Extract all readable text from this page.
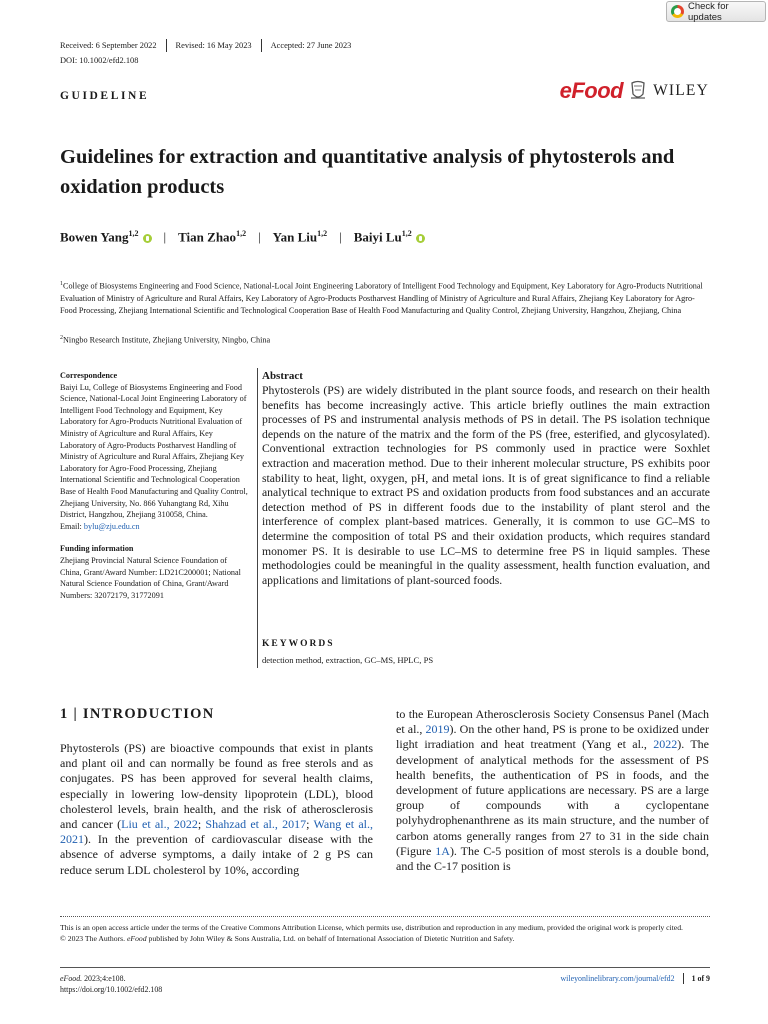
Check for updates
Received: 6 September 2022 Revised: 16 May 2023 Accepted: 27 June 2023
DOI: 10.1002/efd2.108
GUIDELINE	eFood WILEY
Guidelines for extraction and quantitative analysis of phytosterols and oxidation products
Bowen Yang$^{1,2}$	| Tian Zhao$^{1,2}$ | Yan Liu$^{1,2}$ | Baiyi Lu$^{1,2}$
$^1$College of Biosystems Engineering and Food Science, National-Local Joint Engineering Laboratory of Intelligent Food Technology and Equipment, Key Laboratory for Agro-Products Nutritional Evaluation of Ministry of Agriculture and Rural Affairs, Key Laboratory of Agro-Products Postharvest Handling of Ministry of Agriculture and Rural Affairs, Zhejiang Key Laboratory for Agro-Food Processing, Zhejiang International Scientific and Technological Cooperation Base of Health Food Manufacturing and Quality Control, Zhejiang University, Hangzhou, Zhejiang, China
$^2$Ningbo Research Institute, Zhejiang University, Ningbo, China
Correspondence
Baiyi Lu, College of Biosystems Engineering and Food Science, National-Local Joint Engineering Laboratory of Intelligent Food Technology and Equipment, Key Laboratory for Agro-Products Nutritional Evaluation of Ministry of Agriculture and Rural Affairs, Key Laboratory of Agro-Products Postharvest Handling of Ministry of Agriculture and Rural Affairs, Zhejiang Key Laboratory for Agro-Food Processing, Zhejiang International Scientific and Technological Cooperation Base of Health Food Manufacturing and Quality Control, Zhejiang University, No. 866 Yuhangtang Rd, Xihu District, Hangzhou, Zhejiang 310058, China.
Email: bylu@zju.edu.cn
Funding information
Zhejiang Provincial Natural Science Foundation of China, Grant/Award Number: LD21C200001; National Natural Science Foundation of China, Grant/Award Numbers: 32072179, 31772091
Abstract
Phytosterols (PS) are widely distributed in the plant source foods, and research on their health benefits has become increasingly active. This article briefly outlines the main extraction processes of PS and instrumental analysis methods of PS in detail. The PS isolation technique depends on the nature of the matrix and the form of the PS (free, esterified, and glycosylated). Conventional extraction technologies for PS commonly used in practice were Soxhlet extraction and maceration method. Due to their inherent molecular structure, PS exhibits poor stability to heat, light, oxygen, pH, and metal ions. It is of great significance to find a reliable analytical technique to extract PS and oxidation products from food substances and an accurate detection method of PS in different foods due to the instability of plant sterol and the interference of complex plant-based matrices. Generally, it is common to use GC–MS to determine the composition of total PS and their oxidation products, which requires standard monomer PS. It is desirable to use LC–MS to determine free PS in liquid samples. These methodologies could be meaningful in the quality assessment, health function evaluation, and applications and limitations of plant-sourced foods.
KEYWORDS
detection method, extraction, GC–MS, HPLC, PS
1 | INTRODUCTION
Phytosterols (PS) are bioactive compounds that exist in plants and plant oil and can normally be found as free sterols and as conjugates. PS has been approved for several health claims, especially in lowering low-density lipoprotein (LDL), blood cholesterol levels, brain health, and the risk of atherosclerosis and cancer (Liu et al., 2022; Shahzad et al., 2017; Wang et al., 2021). In the prevention of cardiovascular disease with the absence of adverse symptoms, a daily intake of 2 g PS can reduce serum LDL cholesterol by 10%, according
to the European Atherosclerosis Society Consensus Panel (Mach et al., 2019). On the other hand, PS is prone to be oxidized under light irradiation and heat treatment (Yang et al., 2022). The development of analytical methods for the assessment of PS health benefits, the authentication of PS in foods, and the development of future applications are necessary. PS are a large group of compounds with a cyclopentane polyhydrophenanthrene as its main structure, and the number of carbon atoms generally ranges from 27 to 31 in the side chain (Figure 1A). The C-5 position of most sterols is a double bond, and the C-17 position is
This is an open access article under the terms of the Creative Commons Attribution License, which permits use, distribution and reproduction in any medium, provided the original work is properly cited.
© 2023 The Authors. eFood published by John Wiley & Sons Australia, Ltd. on behalf of International Association of Dietetic Nutrition and Safety.
eFood. 2023;4:e108.
https://doi.org/10.1002/efd2.108
wileyonlinelibrary.com/journal/efd2 1 of 9
